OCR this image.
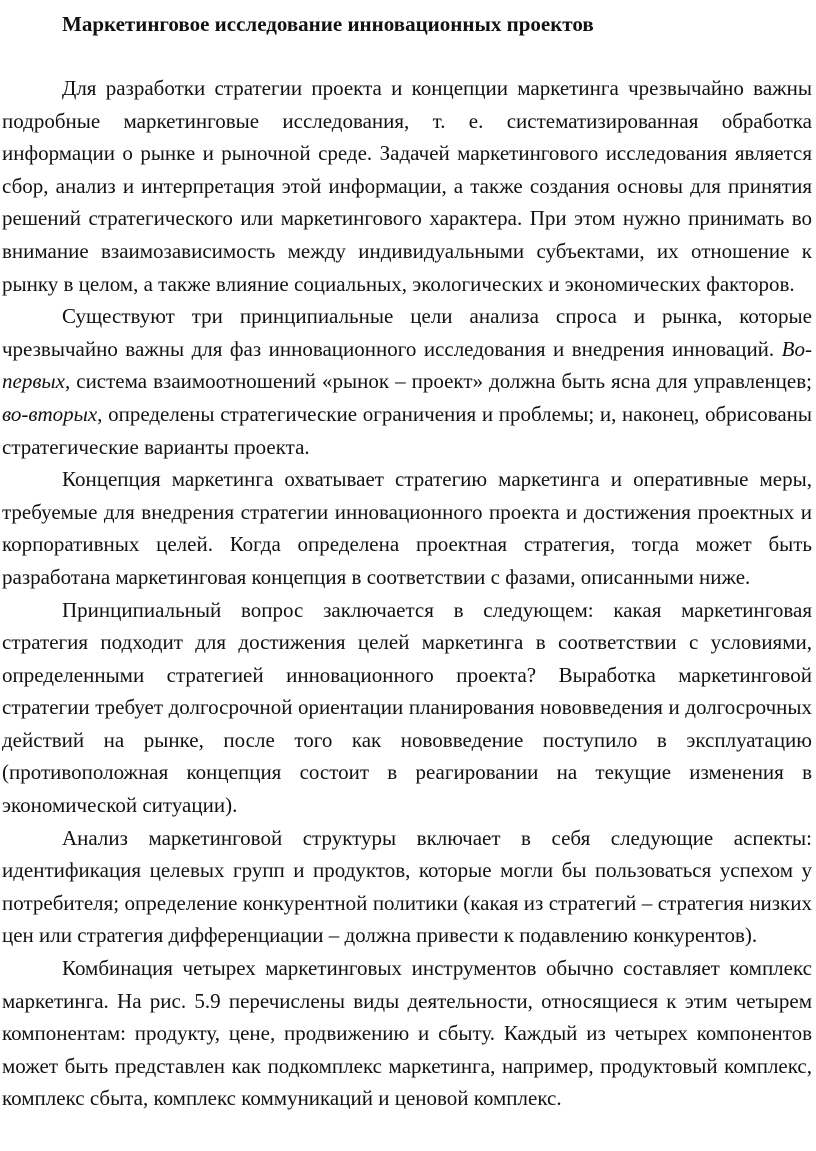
Маркетинговое исследование инновационных проектов

Для разработки стратегии проекта и концепции маркетинга чрезвычайно важны подробные маркетинговые исследования, т. е. систематизированная обработка информации о рынке и рыночной среде. Задачей маркетингового исследования является сбор, анализ и интерпретация этой информации, а также создания основы для принятия решений стратегического или маркетингового характера. При этом нужно принимать во внимание взаимозависимость между индивидуальными субъектами, их отношение к рынку в целом, а также влияние социальных, экологических и экономических факторов.

Существуют три принципиальные цели анализа спроса и рынка, которые чрезвычайно важны для фаз инновационного исследования и внедрения инноваций. Во-первых, система взаимоотношений «рынок – проект» должна быть ясна для управленцев; во-вторых, определены стратегические ограничения и проблемы; и, наконец, обрисованы стратегические варианты проекта.

Концепция маркетинга охватывает стратегию маркетинга и оперативные меры, требуемые для внедрения стратегии инновационного проекта и достижения проектных и корпоративных целей. Когда определена проектная стратегия, тогда может быть разработана маркетинговая концепция в соответствии с фазами, описанными ниже.

Принципиальный вопрос заключается в следующем: какая маркетинговая стратегия подходит для достижения целей маркетинга в соответствии с условиями, определенными стратегией инновационного проекта? Выработка маркетинговой стратегии требует долгосрочной ориентации планирования нововведения и долгосрочных действий на рынке, после того как нововведение поступило в эксплуатацию (противоположная концепция состоит в реагировании на текущие изменения в экономической ситуации).

Анализ маркетинговой структуры включает в себя следующие аспекты: идентификация целевых групп и продуктов, которые могли бы пользоваться успехом у потребителя; определение конкурентной политики (какая из стратегий – стратегия низких цен или стратегия дифференциации – должна привести к подавлению конкурентов).

Комбинация четырех маркетинговых инструментов обычно составляет комплекс маркетинга. На рис. 5.9 перечислены виды деятельности, относящиеся к этим четырем компонентам: продукту, цене, продвижению и сбыту. Каждый из четырех компонентов может быть представлен как подкомплекс маркетинга, например, продуктовый комплекс, комплекс сбыта, комплекс коммуникаций и ценовой комплекс.
